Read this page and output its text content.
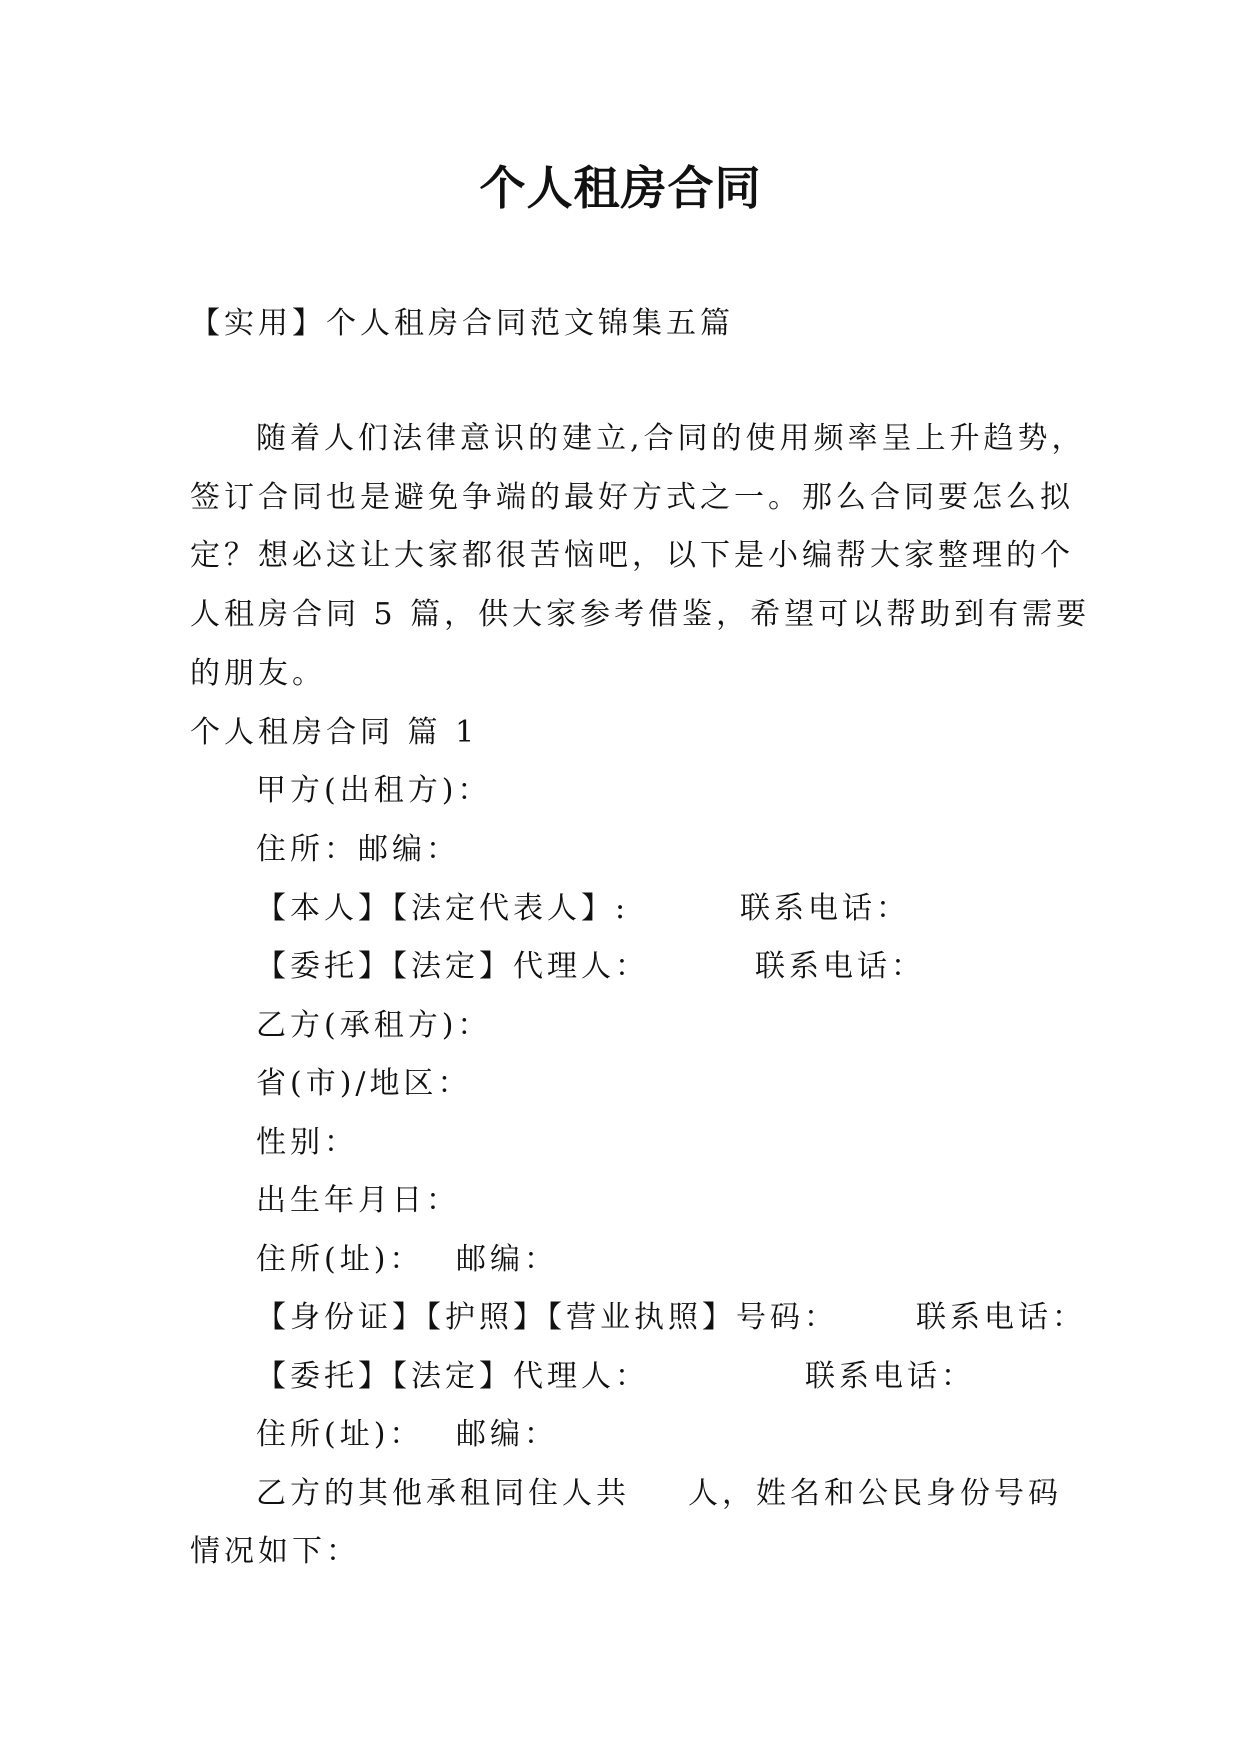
个人租房合同
【实用】个人租房合同范文锦集五篇
随着人们法律意识的建立,合同的使用频率呈上升趋势，
签订合同也是避免争端的最好方式之一。那么合同要怎么拟
定？想必这让大家都很苦恼吧，以下是小编帮大家整理的个
人租房合同 5 篇，供大家参考借鉴，希望可以帮助到有需要
的朋友。
个人租房合同 篇 1
甲方(出租方)：
住所：邮编：
【本人】【法定代表人】:	联系电话：
【委托】【法定】代理人：	联系电话：
乙方(承租方)：
省(市)/地区：
性别：
出生年月日：
住所(址)： 邮编：
【身份证】【护照】【营业执照】号码：	联系电话：
【委托】【法定】代理人：	联系电话：
住所(址)： 邮编：
乙方的其他承租同住人共 人，姓名和公民身份号码
情况如下：
